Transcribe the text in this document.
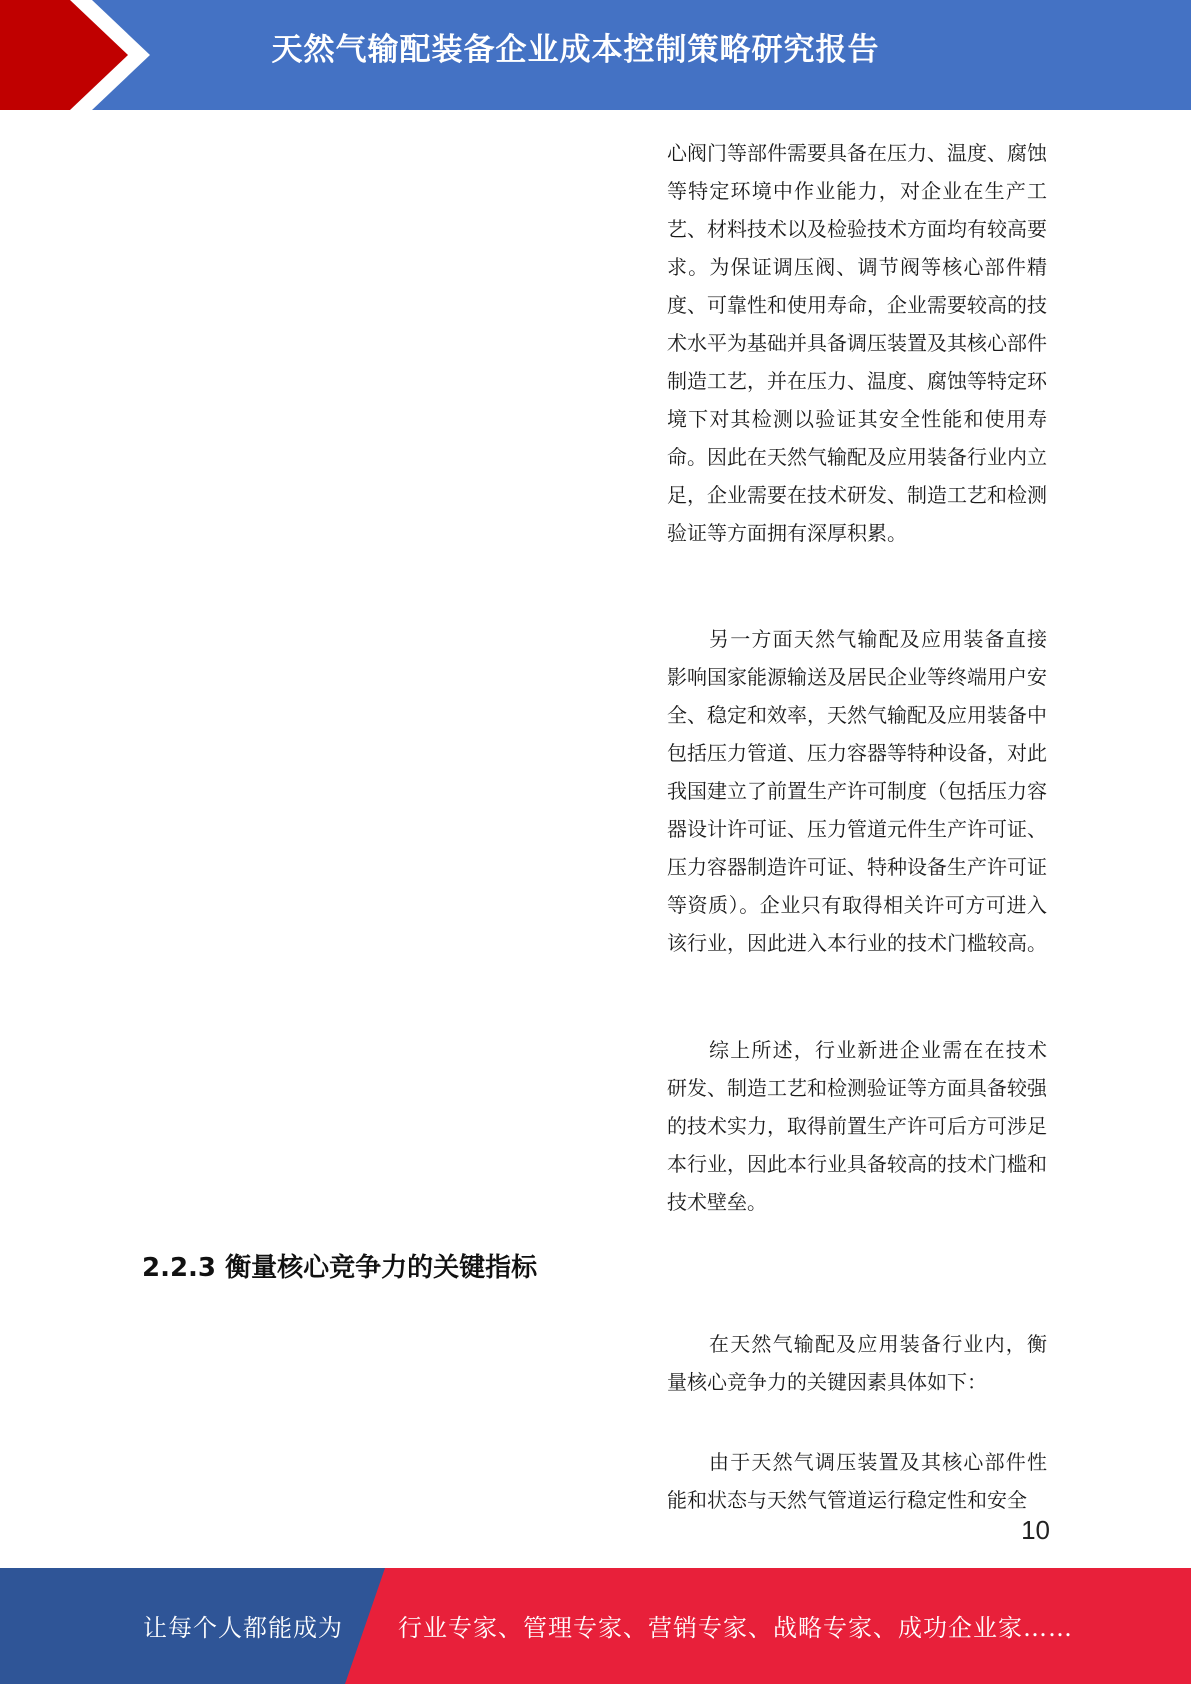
天然气输配装备企业成本控制策略研究报告

心阀门等部件需要具备在压力、温度、腐蚀等特定环境中作业能力，对企业在生产工艺、材料技术以及检验技术方面均有较高要求。为保证调压阀、调节阀等核心部件精度、可靠性和使用寿命，企业需要较高的技术水平为基础并具备调压装置及其核心部件制造工艺，并在压力、温度、腐蚀等特定环境下对其检测以验证其安全性能和使用寿命。因此在天然气输配及应用装备行业内立足，企业需要在技术研发、制造工艺和检测验证等方面拥有深厚积累。

另一方面天然气输配及应用装备直接影响国家能源输送及居民企业等终端用户安全、稳定和效率，天然气输配及应用装备中包括压力管道、压力容器等特种设备，对此我国建立了前置生产许可制度（包括压力容器设计许可证、压力管道元件生产许可证、压力容器制造许可证、特种设备生产许可证等资质）。企业只有取得相关许可方可进入该行业，因此进入本行业的技术门槛较高。

综上所述，行业新进企业需在在技术研发、制造工艺和检测验证等方面具备较强的技术实力，取得前置生产许可后方可涉足本行业，因此本行业具备较高的技术门槛和技术壁垒。

2.2.3 衡量核心竞争力的关键指标

在天然气输配及应用装备行业内，衡量核心竞争力的关键因素具体如下：

由于天然气调压装置及其核心部件性能和状态与天然气管道运行稳定性和安全

10
让每个人都能成为 行业专家、管理专家、营销专家、战略专家、成功企业家……
